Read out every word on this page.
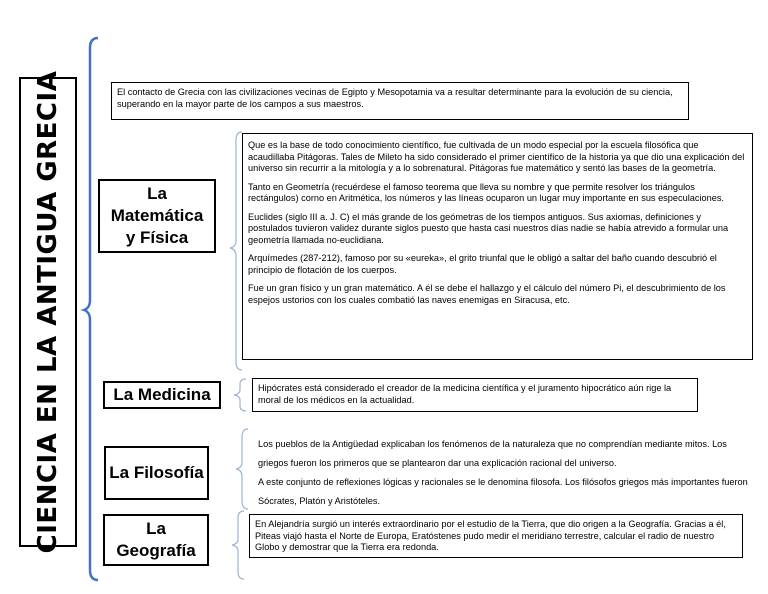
CIENCIA EN LA ANTIGUA GRECIA	El contacto de Grecia con las civilizaciones vecinas de Egipto y Mesopotamia va a resultar determinante para la evolución de su ciencia, superando en la mayor parte de los campos a sus maestros.

La Matemática y Física

Que es la base de todo conocimiento científico, fue cultivada de un modo especial por la escuela filosófica que acaudillaba Pitágoras. Tales de Mileto ha sido considerado el primer científico de la historia ya que dio una explicación del universo sin recurrir a la mitología y a lo sobrenatural. Pitágoras fue matemático y sentó las bases de la geometría.

Tanto en Geometría (recuérdese el famoso teorema que lleva su nombre y que permite resolver los triángulos rectángulos) corno en Aritmética, los números y las líneas ocuparon un lugar muy importante en sus especulaciones.

Euclides (siglo III a. J. C) el más grande de los geómetras de los tiempos antiguos. Sus axiomas, definiciones y postulados tuvieron validez durante siglos puesto que hasta casi nuestros días nadie se había atrevido a formular una geometría llamada no-euclidiana.

Arquímedes (287-212), famoso por su «eureka», el grito triunfal que le obligó a saltar del baño cuando descubrió el principio de flotación de los cuerpos.

Fue un gran físico y un gran matemático. A él se debe el hallazgo y el cálculo del número Pi, el descubrimiento de los espejos ustorios con los cuales combatió las naves enemigas en Siracusa, etc.

La Medicina	Hipócrates está considerado el creador de la medicina científica y el juramento hipocrático aún rige la moral de los médicos en la actualidad.

La Filosofía

Los pueblos de la Antigüedad explicaban los fenómenos de la naturaleza que no comprendían mediante mitos. Los griegos fueron los primeros que se plantearon dar una explicación racional del universo.

A este conjunto de reflexiones lógicas y racionales se le denomina filosofa. Los filósofos griegos más importantes fueron Sócrates, Platón y Aristóteles.

La Geografía

En Alejandría surgió un interés extraordinario por el estudio de la Tierra, que dio origen a la Geografía. Gracias a él, Piteas viajó hasta el Norte de Europa, Eratóstenes pudo medir el meridiano terrestre, calcular el radio de nuestro Globo y demostrar que la Tierra era redonda.
